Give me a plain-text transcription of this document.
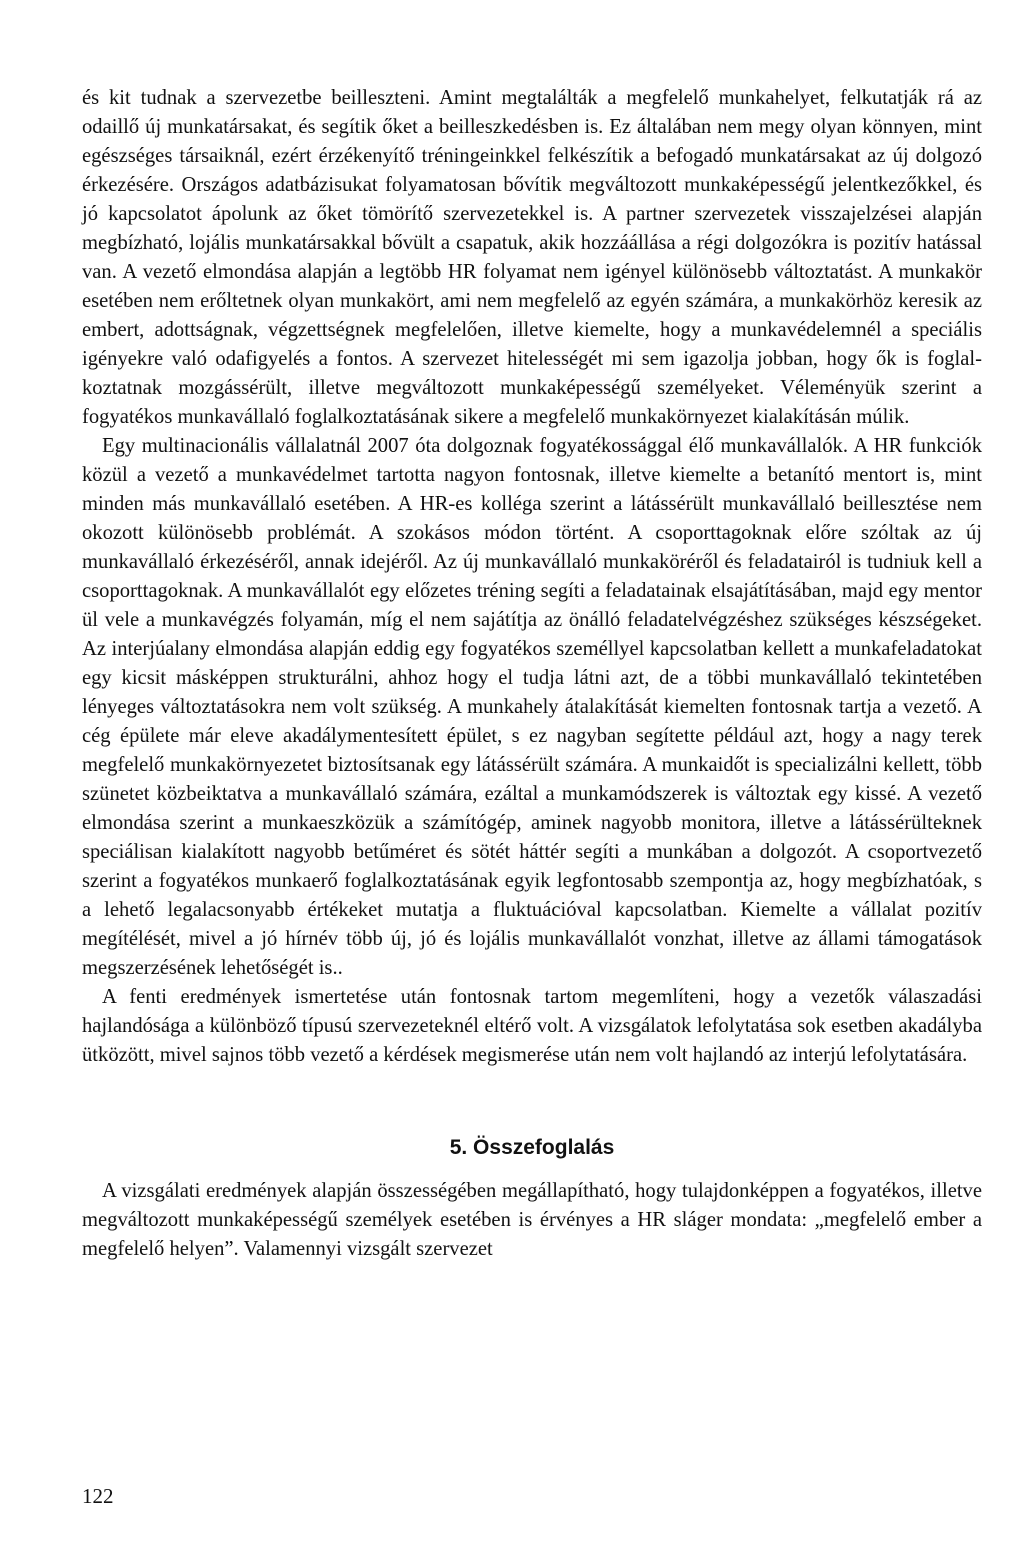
és kit tudnak a szervezetbe beilleszteni. Amint megtalálták a megfelelő munkahelyet, felkutatják rá az odaillő új munkatársakat, és segítik őket a beilleszkedésben is. Ez általában nem megy olyan könnyen, mint egészséges társaiknál, ezért érzékenyítő tréningeinkkel felkészítik a befogadó munkatársakat az új dolgozó érkezésére. Országos adatbázisukat folyamatosan bővítik megváltozott munkaképességű jelentkezőkkel, és jó kapcsolatot ápolunk az őket tömörítő szervezetekkel is. A partner szervezetek visszajelzései alapján megbízható, lojális munkatársakkal bővült a csapatuk, akik hozzáállása a régi dolgozókra is pozitív hatással van. A vezető elmondása alapján a legtöbb HR folyamat nem igényel különösebb változtatást. A munkakör esetében nem erőltetnek olyan munkakört, ami nem megfelelő az egyén számára, a munkakörhöz keresik az embert, adottságnak, végzettségnek megfelelően, illetve kiemelte, hogy a munkavédelemnél a speciális igényekre való odafigyelés a fontos. A szervezet hitelességét mi sem igazolja jobban, hogy ők is foglalkoztatnak mozgássérült, illetve megváltozott munkaképességű személyeket. Véleményük szerint a fogyatékos munkavállaló foglalkoztatásának sikere a megfelelő munkakörnyezet kialakításán múlik.

Egy multinacionális vállalatnál 2007 óta dolgoznak fogyatékossággal élő munkavállalók. A HR funkciók közül a vezető a munkavédelmet tartotta nagyon fontosnak, illetve kiemelte a betanító mentort is, mint minden más munkavállaló esetében. A HR-es kolléga szerint a látássérült munkavállaló beillesztése nem okozott különösebb problémát. A szokásos módon történt. A csoporttagoknak előre szóltak az új munkavállaló érkezéséről, annak idejéről. Az új munkavállaló munkaköréről és feladatairól is tudniuk kell a csoporttagoknak. A munkavállalót egy előzetes tréning segíti a feladatainak elsajátításában, majd egy mentor ül vele a munkavégzés folyamán, míg el nem sajátítja az önálló feladatelvégzéshez szükséges készségeket. Az interjúalany elmondása alapján eddig egy fogyatékos személlyel kapcsolatban kellett a munkafeladatokat egy kicsit másképpen strukturálni, ahhoz hogy el tudja látni azt, de a többi munkavállaló tekintetében lényeges változtatásokra nem volt szükség. A munkahely átalakítását kiemelten fontosnak tartja a vezető. A cég épülete már eleve akadálymentesített épület, s ez nagyban segítette például azt, hogy a nagy terek megfelelő munkakörnyezetet biztosítsanak egy látássérült számára. A munkaidőt is specializálni kellett, több szünetet közbeiktatva a munkavállaló számára, ezáltal a munkamódszerek is változtak egy kissé. A vezető elmondása szerint a munkaeszközük a számítógép, aminek nagyobb monitora, illetve a látássérülteknek speciálisan kialakított nagyobb betűméret és sötét háttér segíti a munkában a dolgozót. A csoportvezető szerint a fogyatékos munkaerő foglalkoztatásának egyik legfontosabb szempontja az, hogy megbízhatóak, s a lehető legalacsonyabb értékeket mutatja a fluktuációval kapcsolatban. Kiemelte a vállalat pozitív megítélését, mivel a jó hírnév több új, jó és lojális munkavállalót vonzhat, illetve az állami támogatások megszerzésének lehetőségét is..

A fenti eredmények ismertetése után fontosnak tartom megemlíteni, hogy a vezetők válaszadási hajlandósága a különböző típusú szervezeteknél eltérő volt. A vizsgálatok lefolytatása sok esetben akadályba ütközött, mivel sajnos több vezető a kérdések megismerése után nem volt hajlandó az interjú lefolytatására.

5. Összefoglalás

A vizsgálati eredmények alapján összességében megállapítható, hogy tulajdonképpen a fogyatékos, illetve megváltozott munkaképességű személyek esetében is érvényes a HR sláger mondata: „megfelelő ember a megfelelő helyen”. Valamennyi vizsgált szervezet

122
